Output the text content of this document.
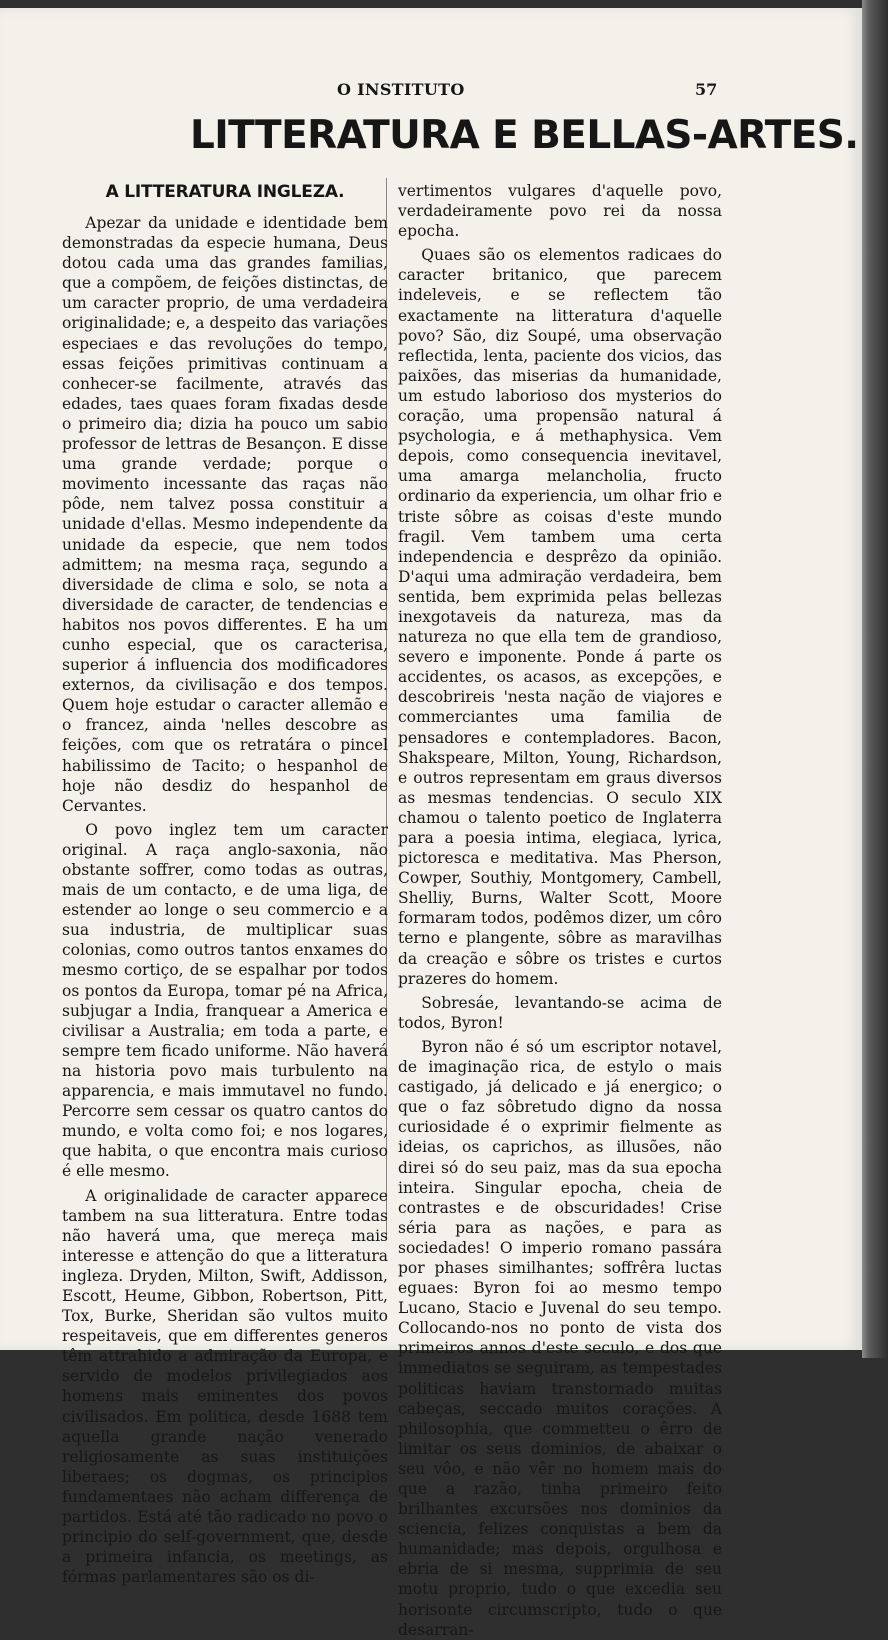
O INSTITUTO	57
LITTERATURA E BELLAS-ARTES.
A LITTERATURA INGLEZA.

Apezar da unidade e identidade bem demonstradas da especie humana, Deus dotou cada uma das grandes familias, que a compõem, de feições distinctas, de um caracter proprio, de uma verdadeira originalidade; e, a despeito das variações especiaes e das revoluções do tempo, essas feições primitivas continuam a conhecer-se facilmente, através das edades, taes quaes foram fixadas desde o primeiro dia; dizia ha pouco um sabio professor de lettras de Besançon. E disse uma grande verdade; porque o movimento incessante das raças não pôde, nem talvez possa constituir a unidade d'ellas. Mesmo independente da unidade da especie, que nem todos admittem; na mesma raça, segundo a diversidade de clima e solo, se nota a diversidade de caracter, de tendencias e habitos nos povos differentes. E ha um cunho especial, que os caracterisa, superior á influencia dos modificadores externos, da civilisação e dos tempos. Quem hoje estudar o caracter allemão e o francez, ainda 'nelles descobre as feições, com que os retratára o pincel habilissimo de Tacito; o hespanhol de hoje não desdiz do hespanhol de Cervantes.

O povo inglez tem um caracter original. A raça anglo-saxonia, não obstante soffrer, como todas as outras, mais de um contacto, e de uma liga, de estender ao longe o seu commercio e a sua industria, de multiplicar suas colonias, como outros tantos enxames do mesmo cortiço, de se espalhar por todos os pontos da Europa, tomar pé na Africa, subjugar a India, franquear a America e civilisar a Australia; em toda a parte, e sempre tem ficado uniforme. Não haverá na historia povo mais turbulento na apparencia, e mais immutavel no fundo. Percorre sem cessar os quatro cantos do mundo, e volta como foi; e nos logares, que habita, o que encontra mais curioso é elle mesmo.

A originalidade de caracter apparece tambem na sua litteratura. Entre todas não haverá uma, que mereça mais interesse e attenção do que a litteratura ingleza. Dryden, Milton, Swift, Addisson, Escott, Heume, Gibbon, Robertson, Pitt, Tox, Burke, Sheridan são vultos muito respeitaveis, que em differentes generos têm attrahido a admiração da Europa, e servido de modelos privilegiados aos homens mais eminentes dos povos civilisados. Em politica, desde 1688 tem aquella grande nação venerado religiosamente as suas instituições liberaes; os dogmas, os principios fundamentaes não acham differença de partidos. Está até tão radicado no povo o principio do self-government, que, desde a primeira infancia, os meetings, as fórmas parlamentares são os di-

vertimentos vulgares d'aquelle povo, verdadeiramente povo rei da nossa epocha.

Quaes são os elementos radicaes do caracter britanico, que parecem indeleveis, e se reflectem tão exactamente na litteratura d'aquelle povo? São, diz Soupé, uma observação reflectida, lenta, paciente dos vicios, das paixões, das miserias da humanidade, um estudo laborioso dos mysterios do coração, uma propensão natural á psychologia, e á methaphysica. Vem depois, como consequencia inevitavel, uma amarga melancholia, fructo ordinario da experiencia, um olhar frio e triste sôbre as coisas d'este mundo fragil. Vem tambem uma certa independencia e desprêzo da opinião. D'aqui uma admiração verdadeira, bem sentida, bem exprimida pelas bellezas inexgotaveis da natureza, mas da natureza no que ella tem de grandioso, severo e imponente. Ponde á parte os accidentes, os acasos, as excepções, e descobrireis 'nesta nação de viajores e commerciantes uma familia de pensadores e contempladores. Bacon, Shakspeare, Milton, Young, Richardson, e outros representam em graus diversos as mesmas tendencias. O seculo XIX chamou o talento poetico de Inglaterra para a poesia intima, elegiaca, lyrica, pictoresca e meditativa. Mas Pherson, Cowper, Southiy, Montgomery, Cambell, Shelliy, Burns, Walter Scott, Moore formaram todos, podêmos dizer, um côro terno e plangente, sôbre as maravilhas da creação e sôbre os tristes e curtos prazeres do homem.

Sobresáe, levantando-se acima de todos, Byron!

Byron não é só um escriptor notavel, de imaginação rica, de estylo o mais castigado, já delicado e já energico; o que o faz sôbretudo digno da nossa curiosidade é o exprimir fielmente as ideias, os caprichos, as illusões, não direi só do seu paiz, mas da sua epocha inteira. Singular epocha, cheia de contrastes e de obscuridades! Crise séria para as nações, e para as sociedades! O imperio romano passára por phases similhantes; soffrêra luctas eguaes: Byron foi ao mesmo tempo Lucano, Stacio e Juvenal do seu tempo. Collocando-nos no ponto de vista dos primeiros annos d'este seculo, e dos que immediatos se seguiram, as tempestades politicas haviam transtornado muitas cabeças, seccado muitos corações. A philosophia, que commetteu o êrro de limitar os seus dominios, de abaixar o seu vôo, e não vêr no homem mais do que a razão, tinha primeiro feito brilhantes excursões nos dominios da sciencia, felizes conquistas a bem da humanidade; mas depois, orgulhosa e ebria de si mesma, supprimia de seu motu proprio, tudo o que excedia seu horisonte circumscripto, tudo o que desarran-
